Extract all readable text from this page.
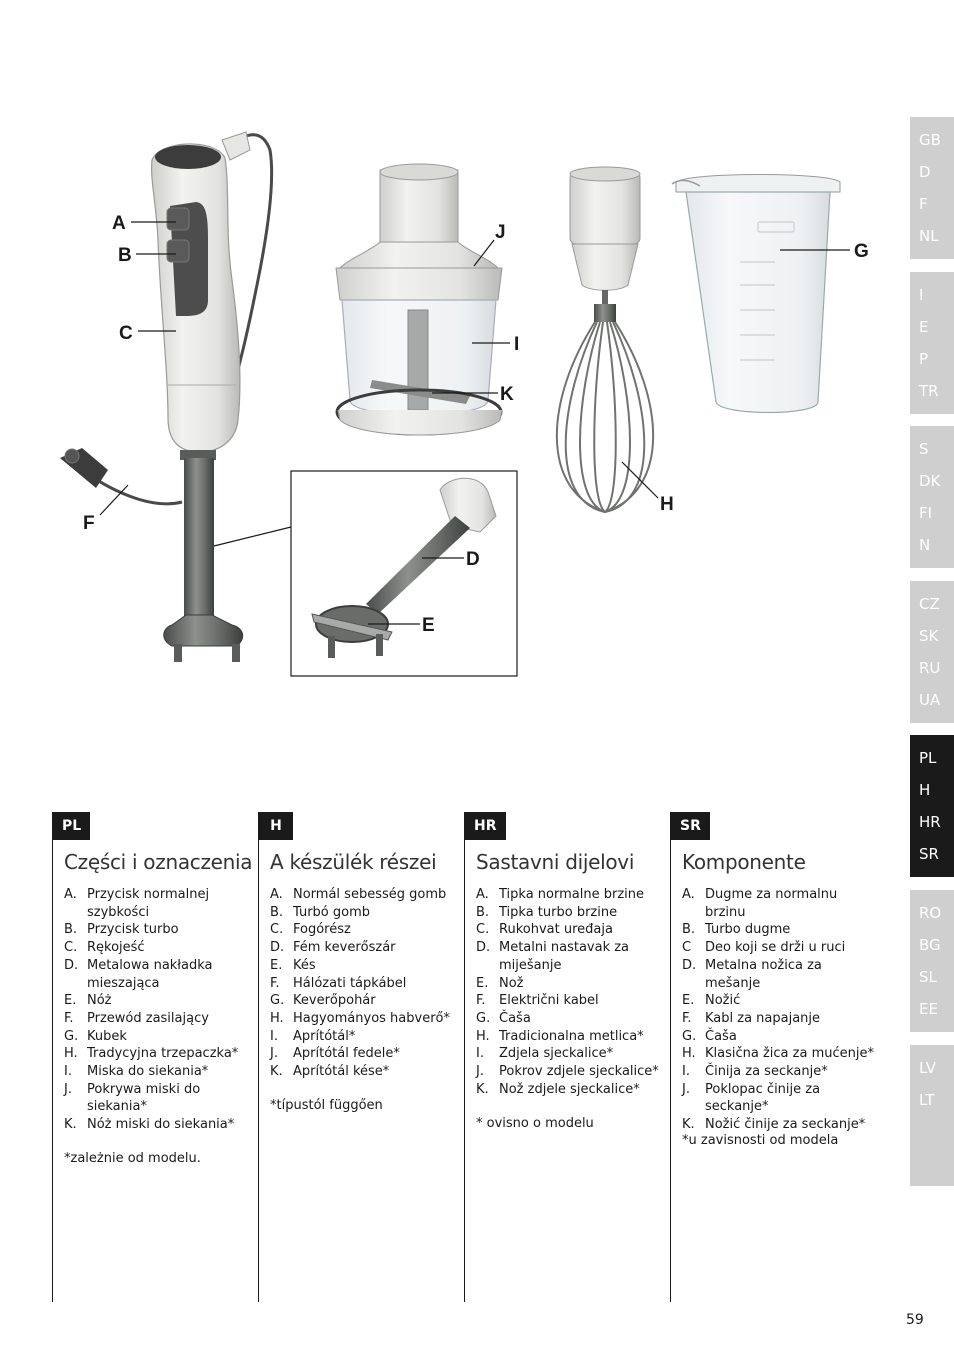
A
B
C
F
J
I
K
G
H
D
E
GB
D
F
NL
I
E
P
TR
S
DK
FI
N
CZ
SK
RU
UA
PL
H
HR
SR
RO
BG
SL
EE
LV
LT
PL
Części i oznaczenia
A. Przycisk normalnej szybkości
B. Przycisk turbo
C. Rękojeść
D. Metalowa nakładka mieszająca
E. Nóż
F. Przewód zasilający
G. Kubek
H. Tradycyjna trzepaczka*
I. Miska do siekania*
J. Pokrywa miski do siekania*
K. Nóż miski do siekania*
*zależnie od modelu.
H
A készülék részei
A. Normál sebesség gomb
B. Turbó gomb
C. Fogórész
D. Fém keverőszár
E. Kés
F. Hálózati tápkábel
G. Keverőpohár
H. Hagyományos habverő*
I. Aprítótál*
J. Aprítótál fedele*
K. Aprítótál kése*
*típustól függően
HR
Sastavni dijelovi
A. Tipka normalne brzine
B. Tipka turbo brzine
C. Rukohvat uređaja
D. Metalni nastavak za miješanje
E. Nož
F. Električni kabel
G. Čaša
H. Tradicionalna metlica*
I. Zdjela sjeckalice*
J. Pokrov zdjele sjeckalice*
K. Nož zdjele sjeckalice*
* ovisno o modelu
SR
Komponente
A. Dugme za normalnu brzinu
B. Turbo dugme
C Deo koji se drži u ruci
D. Metalna nožica za mešanje
E. Nožić
F. Kabl za napajanje
G. Čaša
H. Klasična žica za mućenje*
I. Činija za seckanje*
J. Poklopac činije za seckanje*
K. Nožić činije za seckanje*
*u zavisnosti od modela
59
